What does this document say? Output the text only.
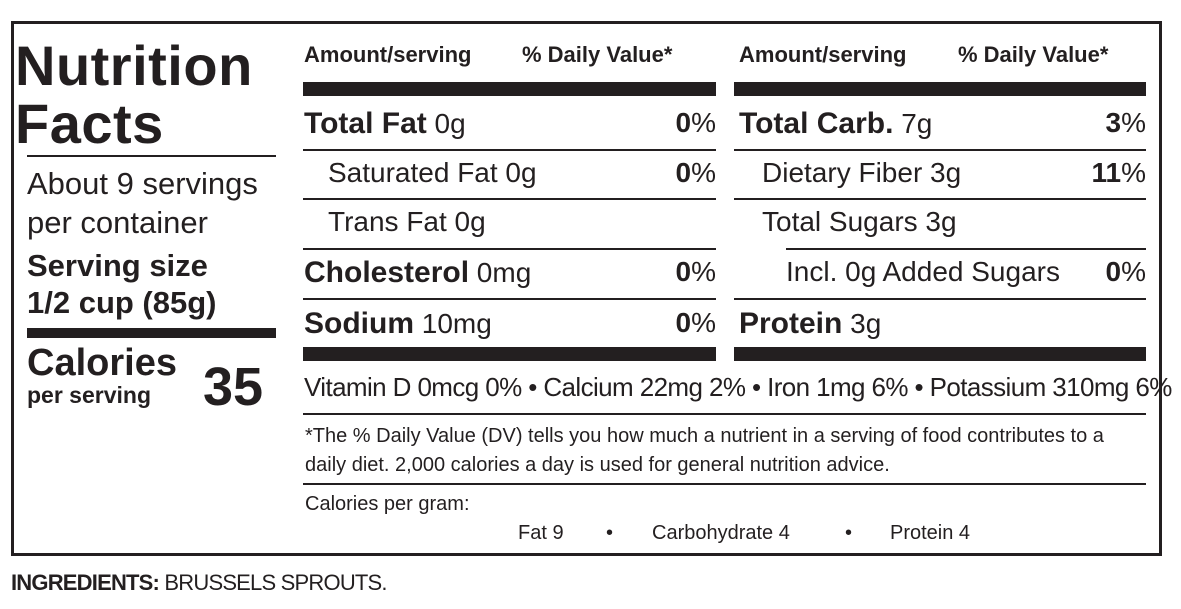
Nutrition
Facts
About 9 servings
per container
Serving size
1/2 cup (85g)
Calories
per serving 35
Amount/serving % Daily Value*	Amount/serving % Daily Value*
Total Fat 0g	0%
Saturated Fat 0g	0%
Trans Fat 0g
Cholesterol 0mg	0%
Sodium 10mg	0%
Total Carb. 7g	3%
Dietary Fiber 3g	11%
Total Sugars 3g
Incl. 0g Added Sugars	0%
Protein 3g
Vitamin D 0mcg 0% • Calcium 22mg 2% • Iron 1mg 6% • Potassium 310mg 6%
*The % Daily Value (DV) tells you how much a nutrient in a serving of food contributes to a daily diet. 2,000 calories a day is used for general nutrition advice.
Calories per gram:
Fat 9 • Carbohydrate 4	• Protein 4
INGREDIENTS: BRUSSELS SPROUTS.
